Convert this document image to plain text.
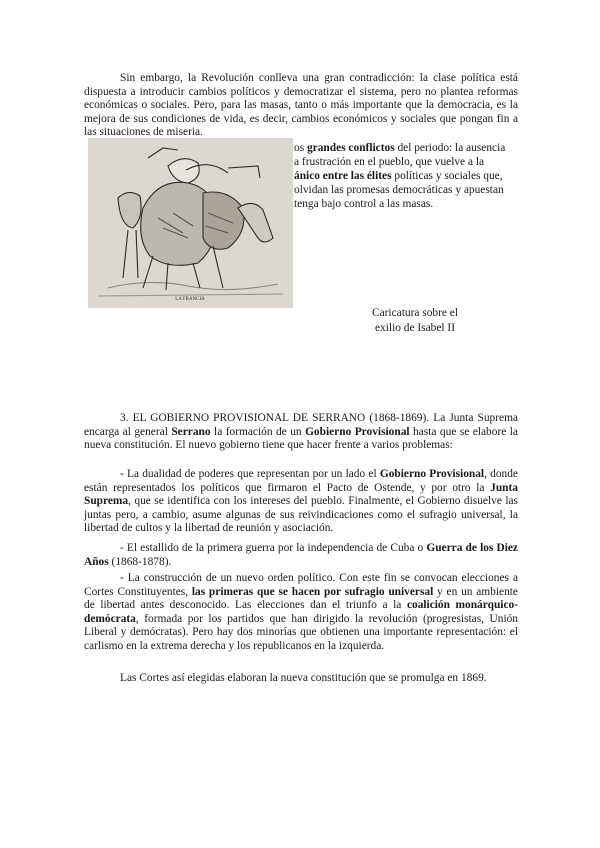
Sin embargo, la Revolución conlleva una gran contradicción: la clase política está dispuesta a introducir cambios políticos y democratizar el sistema, pero no plantea reformas económicas o sociales. Pero, para las masas, tanto o más importante que la democracia, es la mejora de sus condiciones de vida, es decir, cambios económicos y sociales que pongan fin a las situaciones de miseria.

os grandes conflictos del periodo: la ausencia

a frustración en el pueblo, que vuelve a la

ánico entre las élites políticas y sociales que,

olvidan las promesas democráticas y apuestan

tenga bajo control a las masas.

LA FRANCIA
Caricatura sobre el
exilio de Isabel II

3. EL GOBIERNO PROVISIONAL DE SERRANO (1868-1869). La Junta Suprema encarga al general Serrano la formación de un Gobierno Provisional hasta que se elabore la nueva constitución. El nuevo gobierno tiene que hacer frente a varios problemas:

- La dualidad de poderes que representan por un lado el Gobierno Provisional, donde están representados los políticos que firmaron el Pacto de Ostende, y por otro la Junta Suprema, que se identifica con los intereses del pueblo. Finalmente, el Gobierno disuelve las juntas pero, a cambio, asume algunas de sus reivindicaciones como el sufragio universal, la libertad de cultos y la libertad de reunión y asociación.

- El estallido de la primera guerra por la independencia de Cuba o Guerra de los Diez Años (1868-1878).

- La construcción de un nuevo orden político. Con este fin se convocan elecciones a Cortes Constituyentes, las primeras que se hacen por sufragio universal y en un ambiente de libertad antes desconocido. Las elecciones dan el triunfo a la coalición monárquico-demócrata, formada por los partidos que han dirigido la revolución (progresistas, Unión Liberal y demócratas). Pero hay dos minorías que obtienen una importante representación: el carlismo en la extrema derecha y los republicanos en la izquierda.

Las Cortes así elegidas elaboran la nueva constitución que se promulga en 1869.
